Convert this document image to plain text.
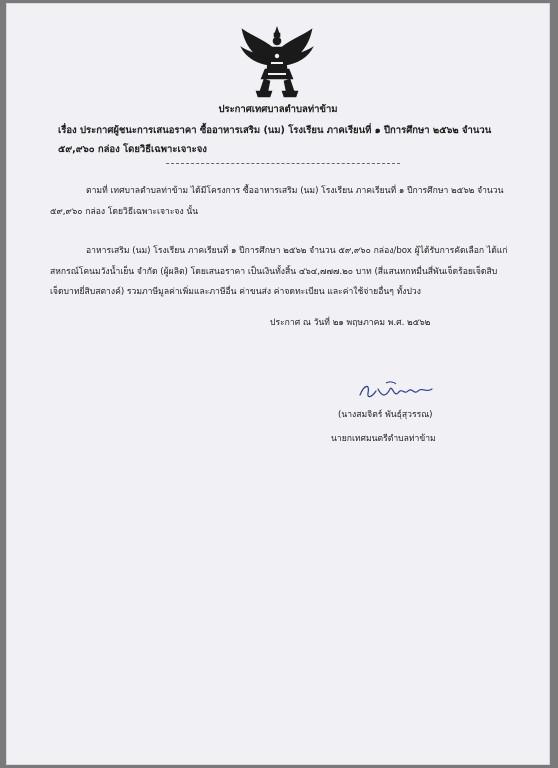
ประกาศเทศบาลตำบลท่าข้าม

เรื่อง ประกาศผู้ชนะการเสนอราคา ซื้ออาหารเสริม (นม) โรงเรียน ภาคเรียนที่ ๑ ปีการศึกษา ๒๕๖๒ จำนวน ๕๙,๙๖๐ กล่อง โดยวิธีเฉพาะเจาะจง

ตามที่ เทศบาลตำบลท่าข้าม ได้มีโครงการ ซื้ออาหารเสริม (นม) โรงเรียน ภาคเรียนที่ ๑ ปีการศึกษา ๒๕๖๒ จำนวน ๕๙,๙๖๐ กล่อง โดยวิธีเฉพาะเจาะจง นั้น

อาหารเสริม (นม) โรงเรียน ภาคเรียนที่ ๑ ปีการศึกษา ๒๕๖๒ จำนวน ๕๙,๙๖๐ กล่อง/box ผู้ได้รับการคัดเลือก ได้แก่ สหกรณ์โคนมวังน้ำเย็น จำกัด (ผู้ผลิต) โดยเสนอราคา เป็นเงินทั้งสิ้น ๔๖๔,๗๗๗.๒๐ บาท (สี่แสนหกหมื่นสี่พันเจ็ดร้อยเจ็ดสิบเจ็ดบาทยี่สิบสตางค์) รวมภาษีมูลค่าเพิ่มและภาษีอื่น ค่าขนส่ง ค่าจดทะเบียน และค่าใช้จ่ายอื่นๆ ทั้งปวง

ประกาศ ณ วันที่ ๒๑ พฤษภาคม พ.ศ. ๒๕๖๒

(นางสมจิตร์ พันธุ์สุวรรณ)

นายกเทศมนตรีตำบลท่าข้าม
